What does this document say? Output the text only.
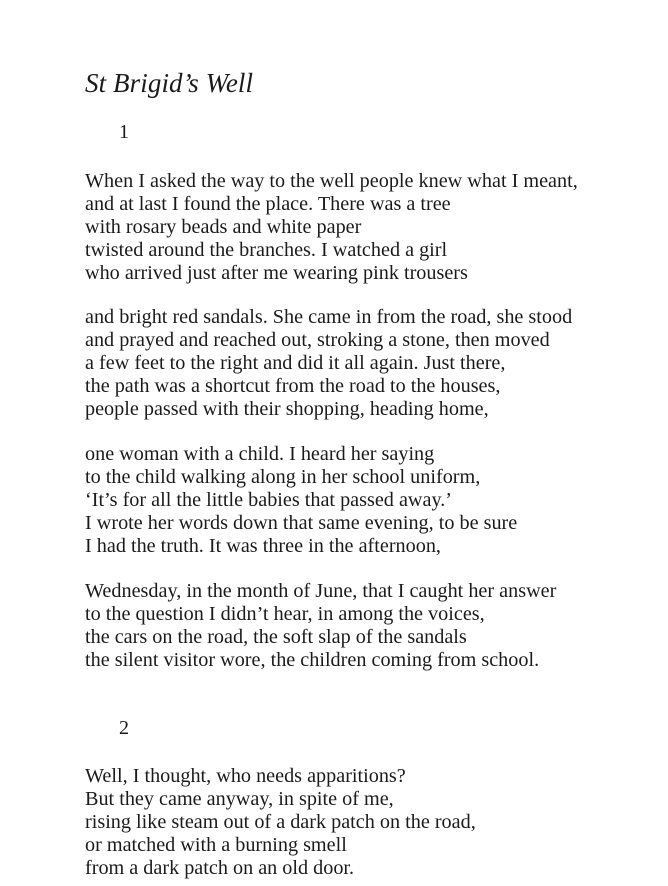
St Brigid’s Well
1
When I asked the way to the well people knew what I meant,
and at last I found the place. There was a tree
with rosary beads and white paper
twisted around the branches. I watched a girl
who arrived just after me wearing pink trousers
and bright red sandals. She came in from the road, she stood
and prayed and reached out, stroking a stone, then moved
a few feet to the right and did it all again. Just there,
the path was a shortcut from the road to the houses,
people passed with their shopping, heading home,
one woman with a child. I heard her saying
to the child walking along in her school uniform,
‘It’s for all the little babies that passed away.’
I wrote her words down that same evening, to be sure
I had the truth. It was three in the afternoon,
Wednesday, in the month of June, that I caught her answer
to the question I didn’t hear, in among the voices,
the cars on the road, the soft slap of the sandals
the silent visitor wore, the children coming from school.
2
Well, I thought, who needs apparitions?
But they came anyway, in spite of me,
rising like steam out of a dark patch on the road,
or matched with a burning smell
from a dark patch on an old door.
